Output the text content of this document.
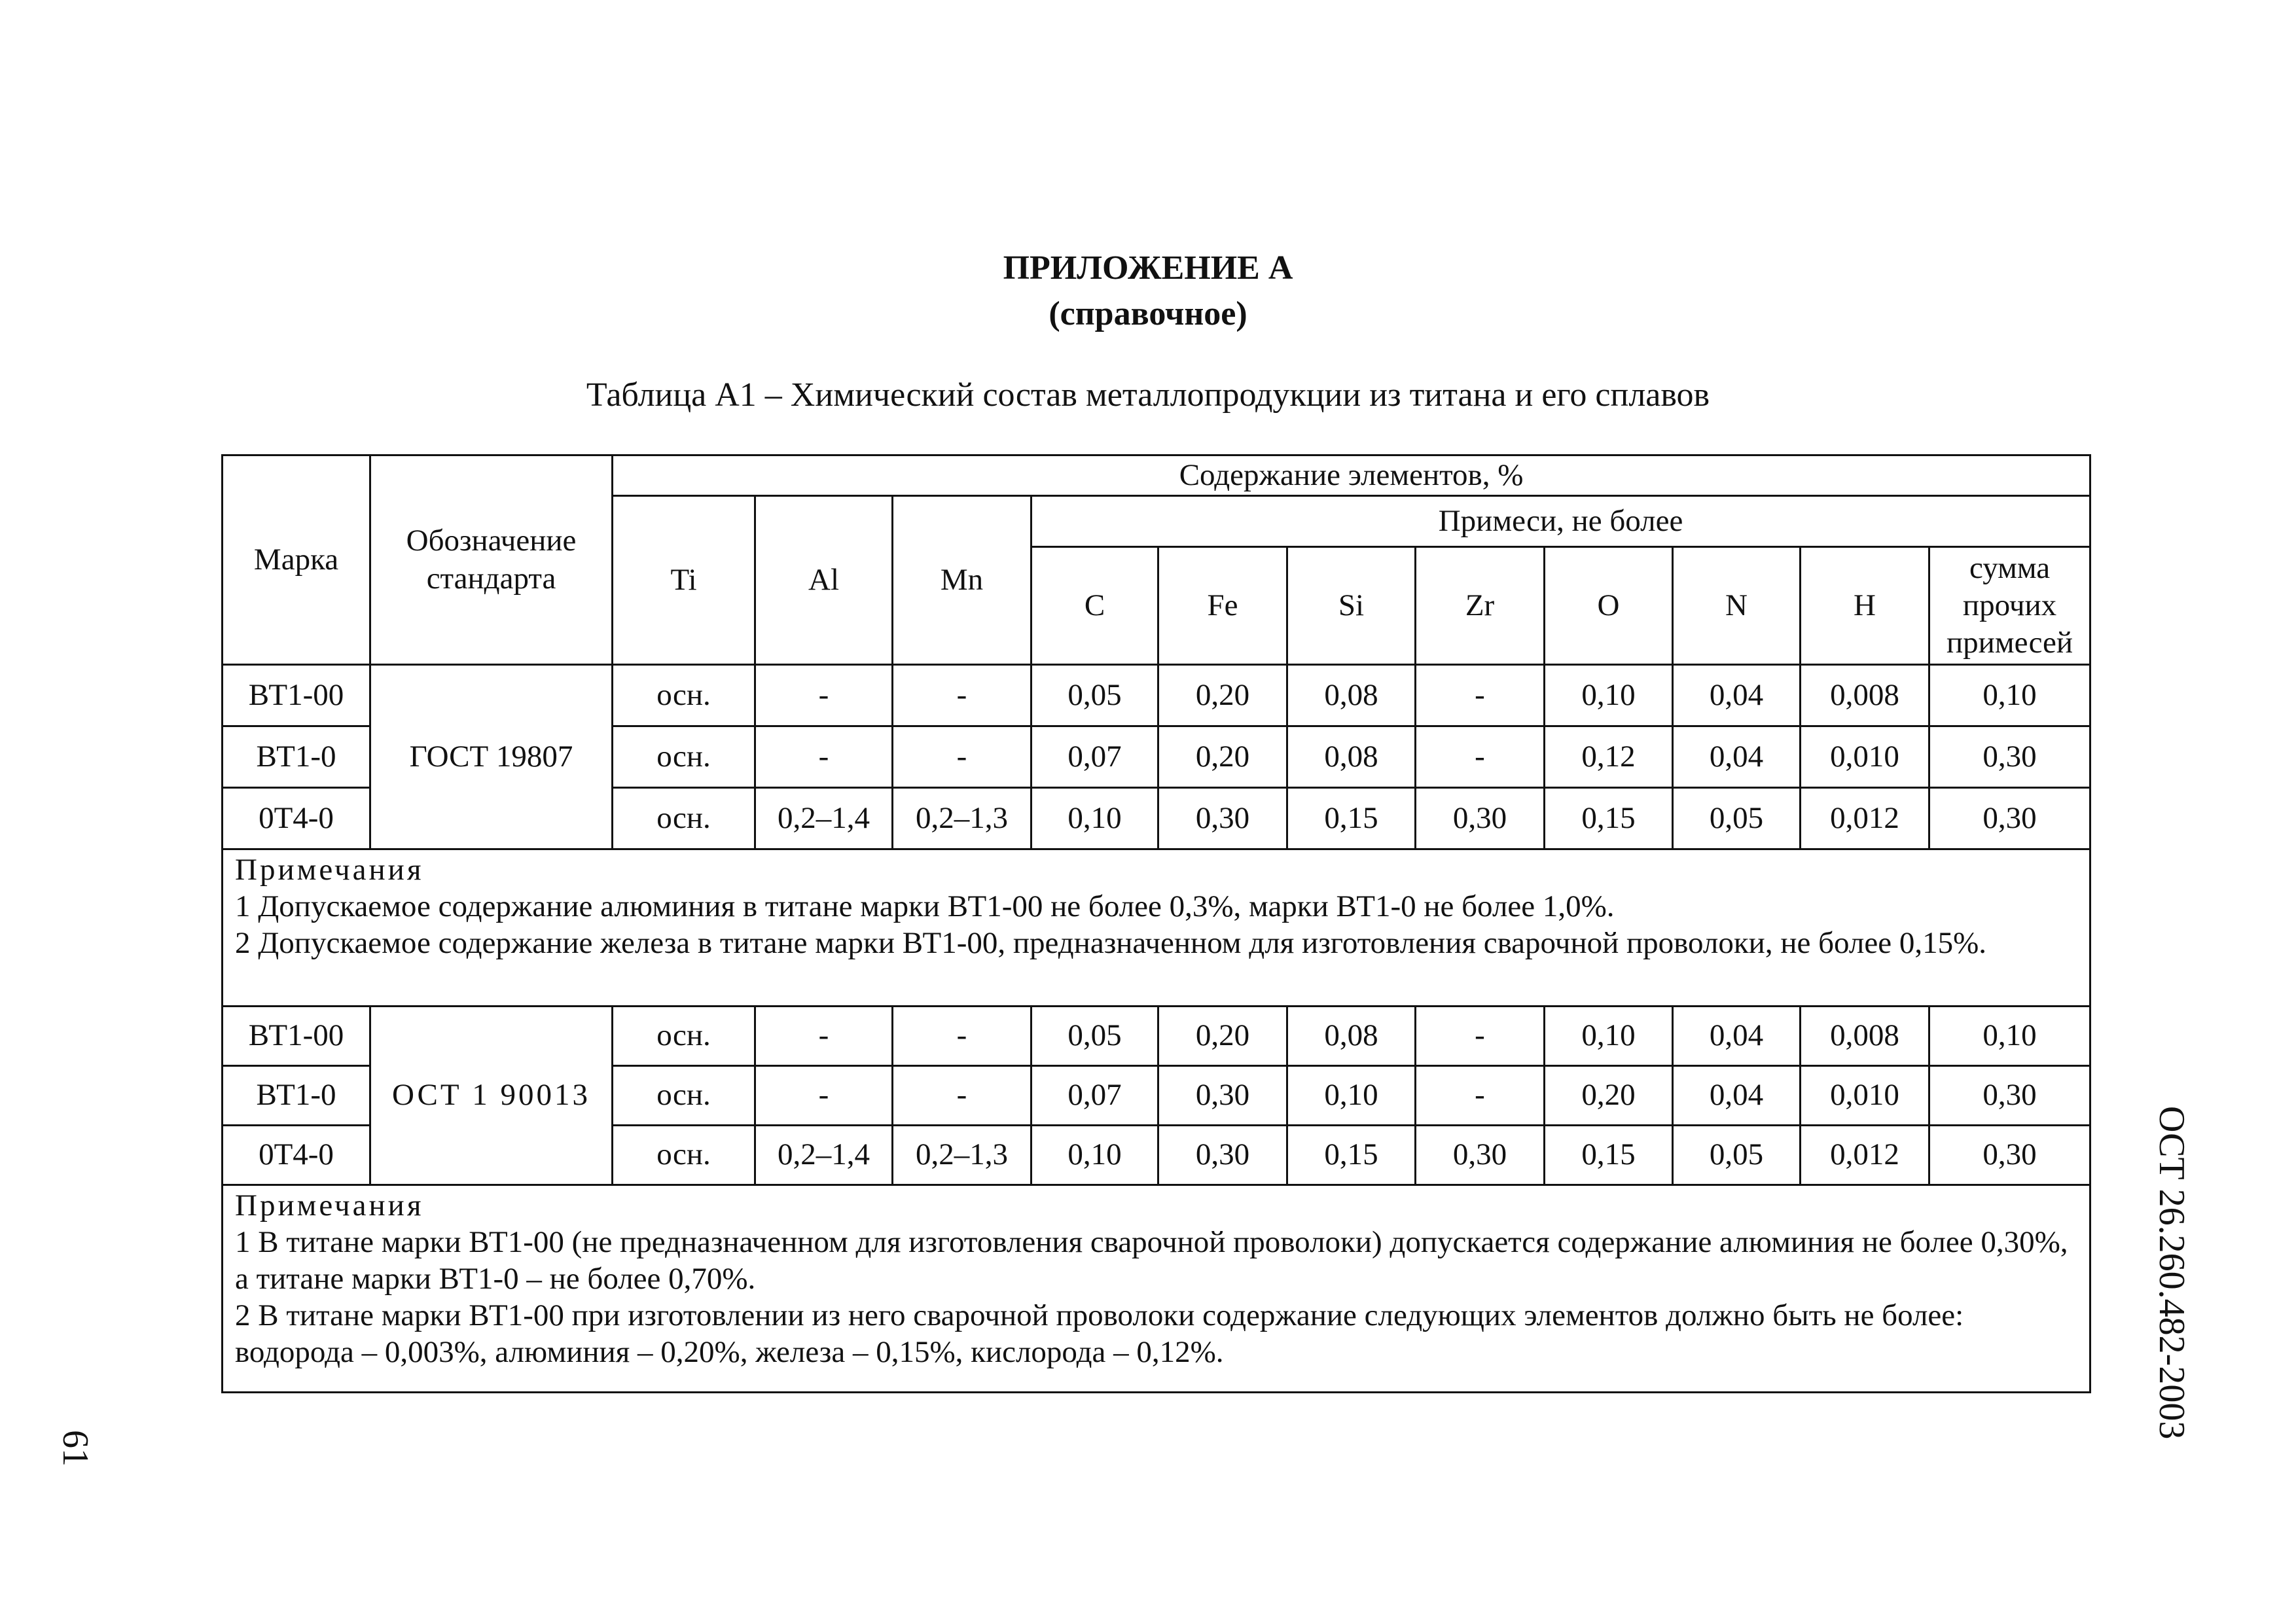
ПРИЛОЖЕНИЕ А
(справочное)
Таблица А1 – Химический состав металлопродукции из титана и его сплавов
Марка	Обозначение стандарта	Содержание элементов, %										
		Ti	Al	Mn	Примеси, не более							
					C	Fe	Si	Zr	O	N	H	сумма прочих примесей
ВТ1-00	ГОСТ 19807	осн.	-	-	0,05	0,20	0,08	-	0,10	0,04	0,008	0,10
ВТ1-0		осн.	-	-	0,07	0,20	0,08	-	0,12	0,04	0,010	0,30
0Т4-0		осн.	0,2–1,4	0,2–1,3	0,10	0,30	0,15	0,30	0,15	0,05	0,012	0,30

Примечания

1 Допускаемое содержание алюминия в титане марки ВТ1-00 не более 0,3%, марки ВТ1-0 не более 1,0%.

2 Допускаемое содержание железа в титане марки ВТ1-00, предназначенном для изготовления сварочной проволоки, не более 0,15%.												

ВТ1-00	ОСТ 1 90013	осн.	-	-	0,05	0,20	0,08	-	0,10	0,04	0,008	0,10
ВТ1-0		осн.	-	-	0,07	0,30	0,10	-	0,20	0,04	0,010	0,30
0Т4-0		осн.	0,2–1,4	0,2–1,3	0,10	0,30	0,15	0,30	0,15	0,05	0,012	0,30

Примечания

1 В титане марки ВТ1-00 (не предназначенном для изготовления сварочной проволоки) допускается содержание алюминия не более 0,30%, а титане марки ВТ1-0 – не более 0,70%.

2 В титане марки ВТ1-00 при изготовлении из него сварочной проволоки содержание следующих элементов должно быть не более: водорода – 0,003%, алюминия – 0,20%, железа – 0,15%, кислорода – 0,12%.													ОСТ 26.260.482-2003
61
